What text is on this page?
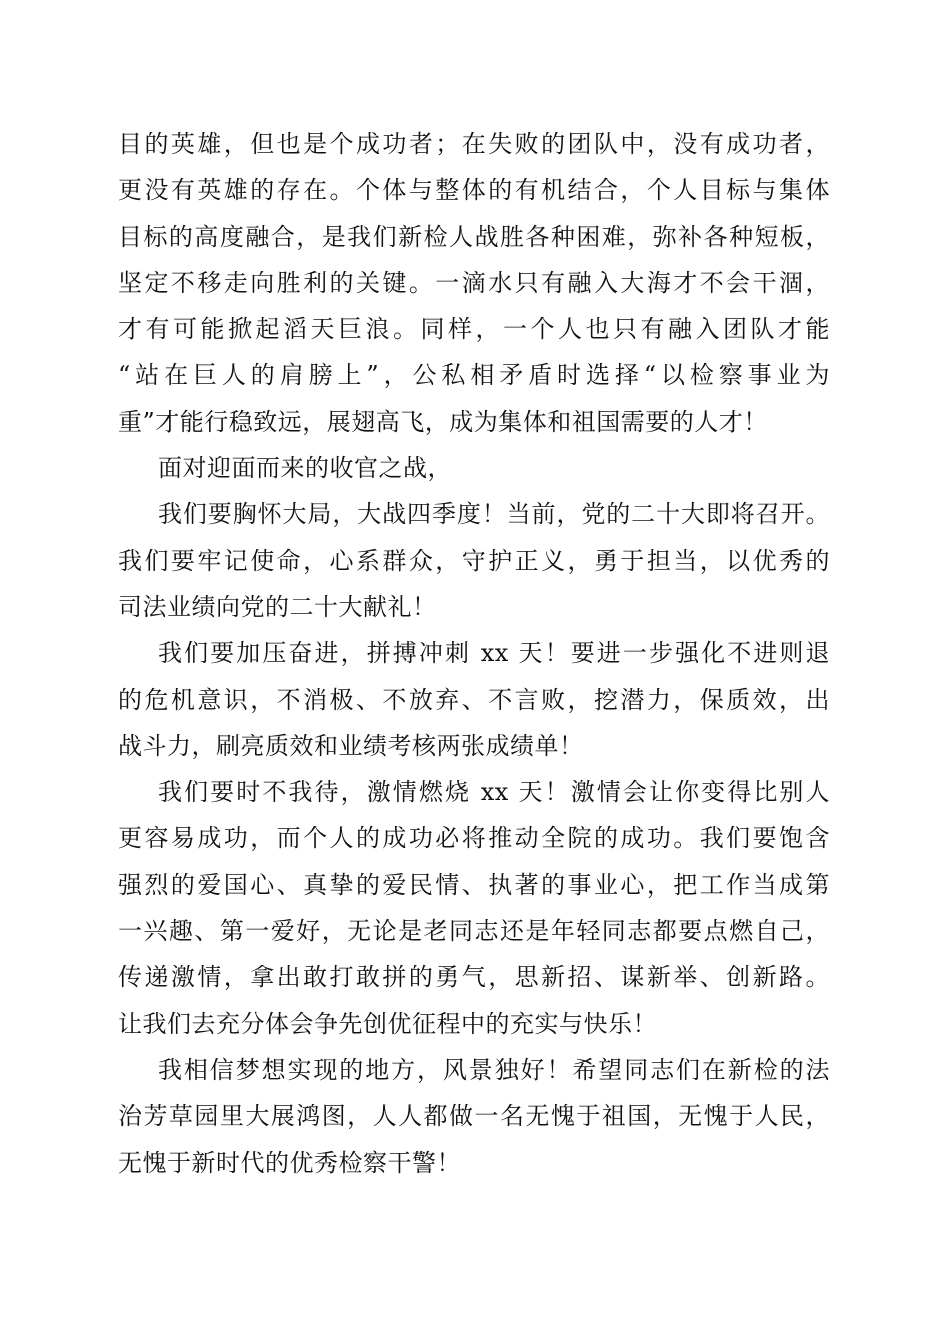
目的英雄，但也是个成功者；在失败的团队中，没有成功者，
更没有英雄的存在。个体与整体的有机结合，个人目标与集体
目标的高度融合，是我们新检人战胜各种困难，弥补各种短板，
坚定不移走向胜利的关键。一滴水只有融入大海才不会干涸，
才有可能掀起滔天巨浪。同样，一个人也只有融入团队才能
“站在巨人的肩膀上”，公私相矛盾时选择“以检察事业为
重”才能行稳致远，展翅高飞，成为集体和祖国需要的人才！
面对迎面而来的收官之战，
我们要胸怀大局，大战四季度！当前，党的二十大即将召开。
我们要牢记使命，心系群众，守护正义，勇于担当，以优秀的
司法业绩向党的二十大献礼！
我们要加压奋进，拼搏冲刺 xx 天！要进一步强化不进则退
的危机意识，不消极、不放弃、不言败，挖潜力，保质效，出
战斗力，刷亮质效和业绩考核两张成绩单！
我们要时不我待，激情燃烧 xx 天！激情会让你变得比别人
更容易成功，而个人的成功必将推动全院的成功。我们要饱含
强烈的爱国心、真挚的爱民情、执著的事业心，把工作当成第
一兴趣、第一爱好，无论是老同志还是年轻同志都要点燃自己，
传递激情，拿出敢打敢拼的勇气，思新招、谋新举、创新路。
让我们去充分体会争先创优征程中的充实与快乐！
我相信梦想实现的地方，风景独好！希望同志们在新检的法
治芳草园里大展鸿图，人人都做一名无愧于祖国，无愧于人民，
无愧于新时代的优秀检察干警！
